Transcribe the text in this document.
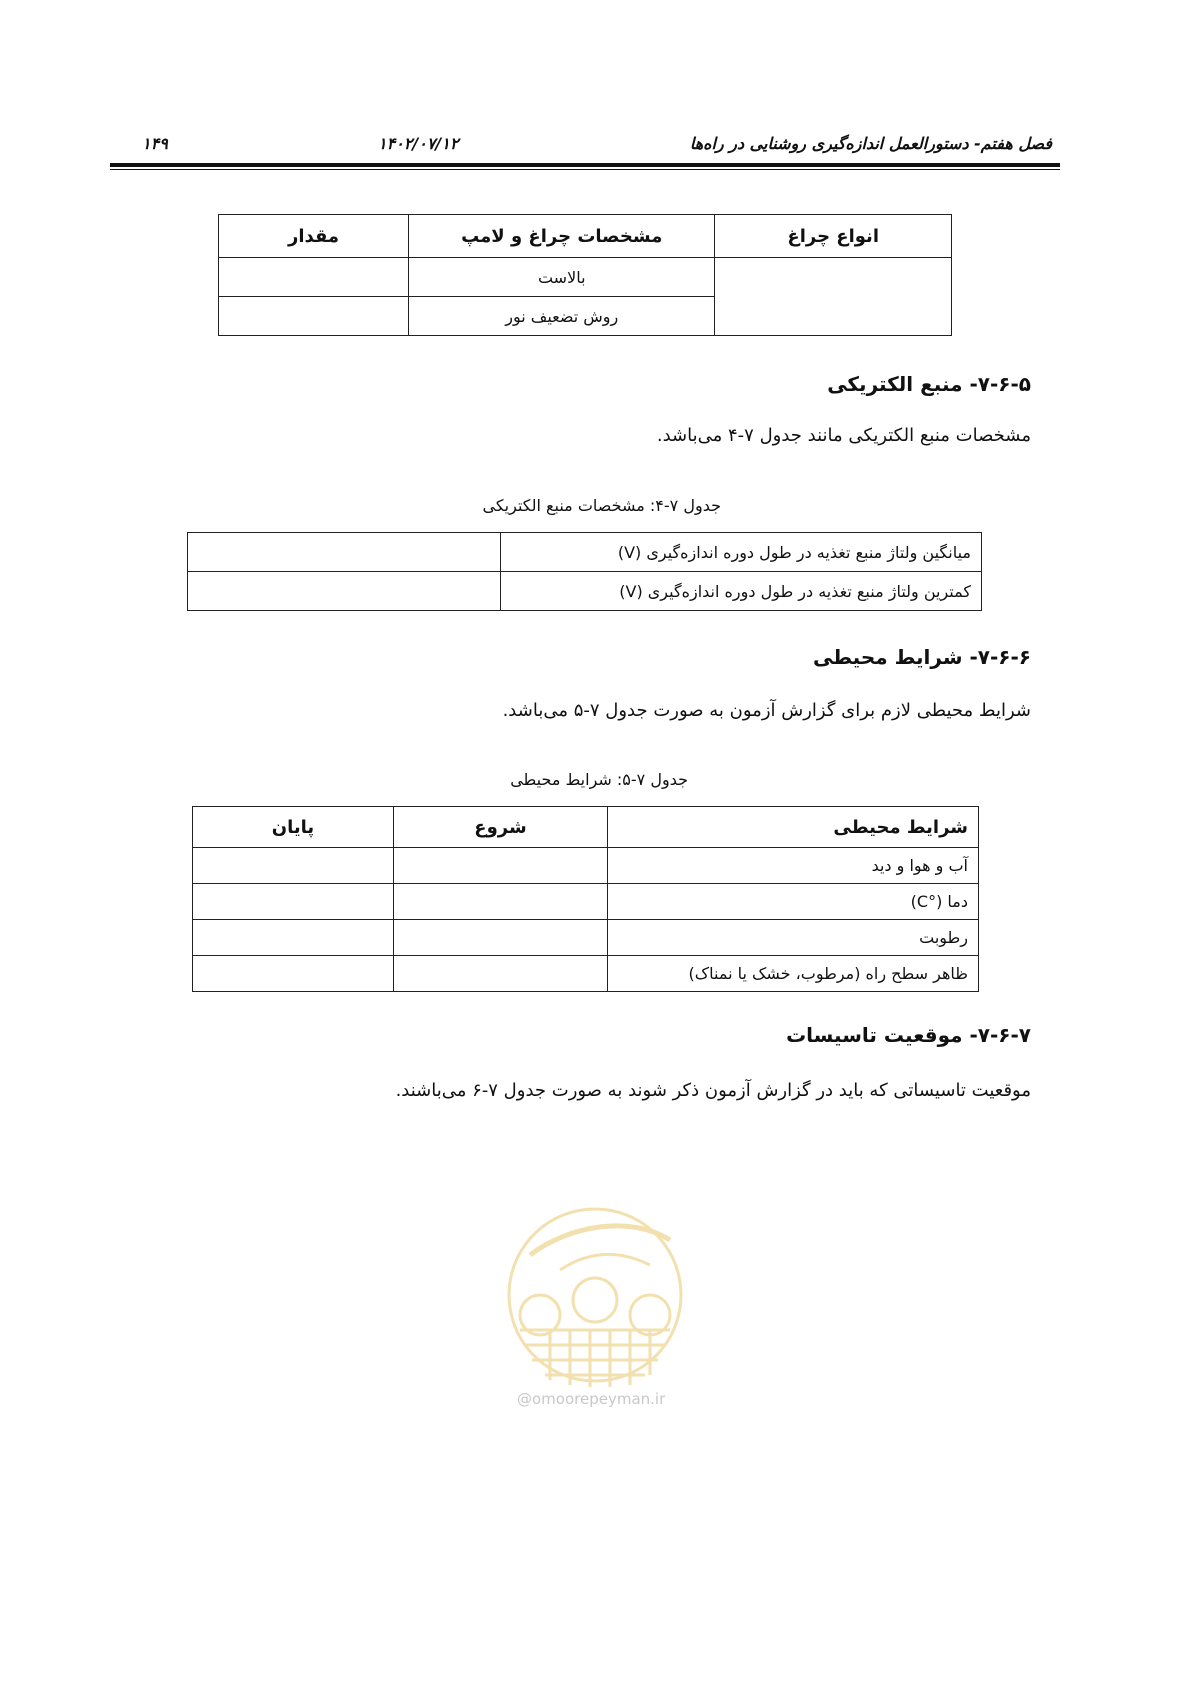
فصل هفتم- دستورالعمل اندازه‌گیری روشنایی در راه‌ها
۱۴۰۲/۰۷/۱۲
۱۴۹
انواع چراغ	مشخصات چراغ و لامپ	مقدار
	بالاست	
	روش تضعیف نور	
۷-۶-۵- منبع الکتریکی
مشخصات منبع الکتریکی مانند جدول ۷-۴ می‌باشد.
جدول ۷-۴: مشخصات منبع الکتریکی
میانگین ولتاژ منبع تغذیه در طول دوره اندازه‌گیری (V)	
کمترین ولتاژ منبع تغذیه در طول دوره اندازه‌گیری (V)	
۷-۶-۶- شرایط محیطی
شرایط محیطی لازم برای گزارش آزمون به صورت جدول ۷-۵ می‌باشد.
جدول ۷-۵: شرایط محیطی
شرایط محیطی	شروع	پایان
آب و هوا و دید		
دما (°C)		
رطوبت		
ظاهر سطح راه (مرطوب، خشک یا نمناک)		
۷-۶-۷- موقعیت تاسیسات
موقعیت تاسیساتی که باید در گزارش آزمون ذکر شوند به صورت جدول ۷-۶ می‌باشند.
@omoorepeyman.ir
